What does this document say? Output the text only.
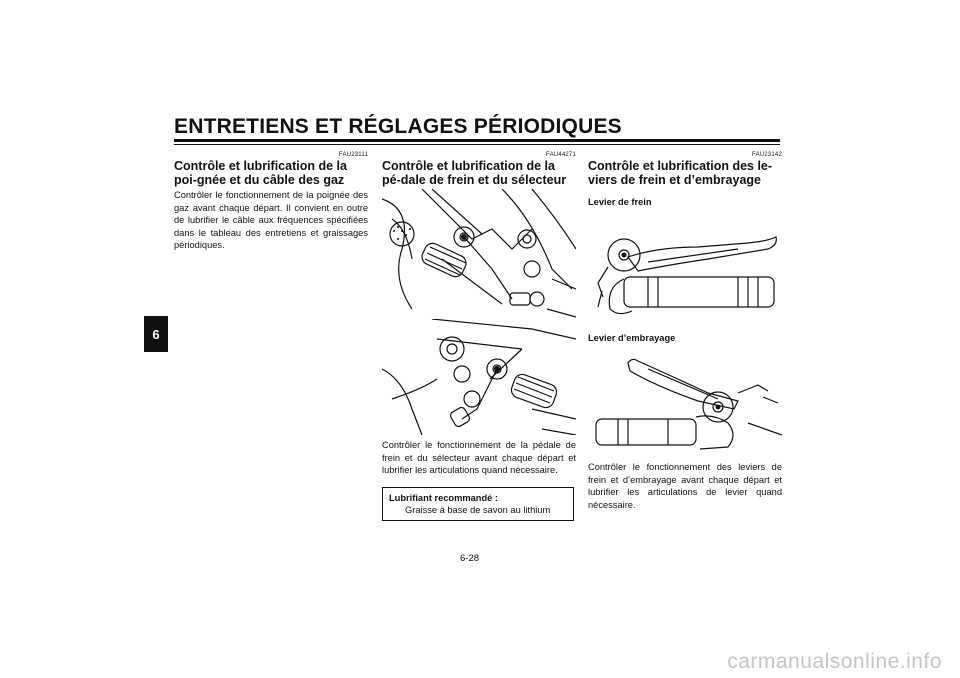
ENTRETIENS ET RÉGLAGES PÉRIODIQUES
6

FAU23111

Contrôle et lubrification de la poi-gnée et du câble des gaz

Contrôler le fonctionnement de la poignée des gaz avant chaque départ. Il convient en outre de lubrifier le câble aux fréquences spécifiées dans le tableau des entretiens et graissages périodiques.

FAU44271

Contrôle et lubrification de la pé-dale de frein et du sélecteur

Contrôler le fonctionnement de la pédale de frein et du sélecteur avant chaque départ et lubrifier les articulations quand nécessaire.

Lubrifiant recommandé :

Graisse à base de savon au lithium

FAU23142

Contrôle et lubrification des le-viers de frein et d’embrayage

Levier de frein

Levier d’embrayage

Contrôler le fonctionnement des leviers de frein et d’embrayage avant chaque départ et lubrifier les articulations de levier quand nécessaire.

6-28

carmanualsonline.info
